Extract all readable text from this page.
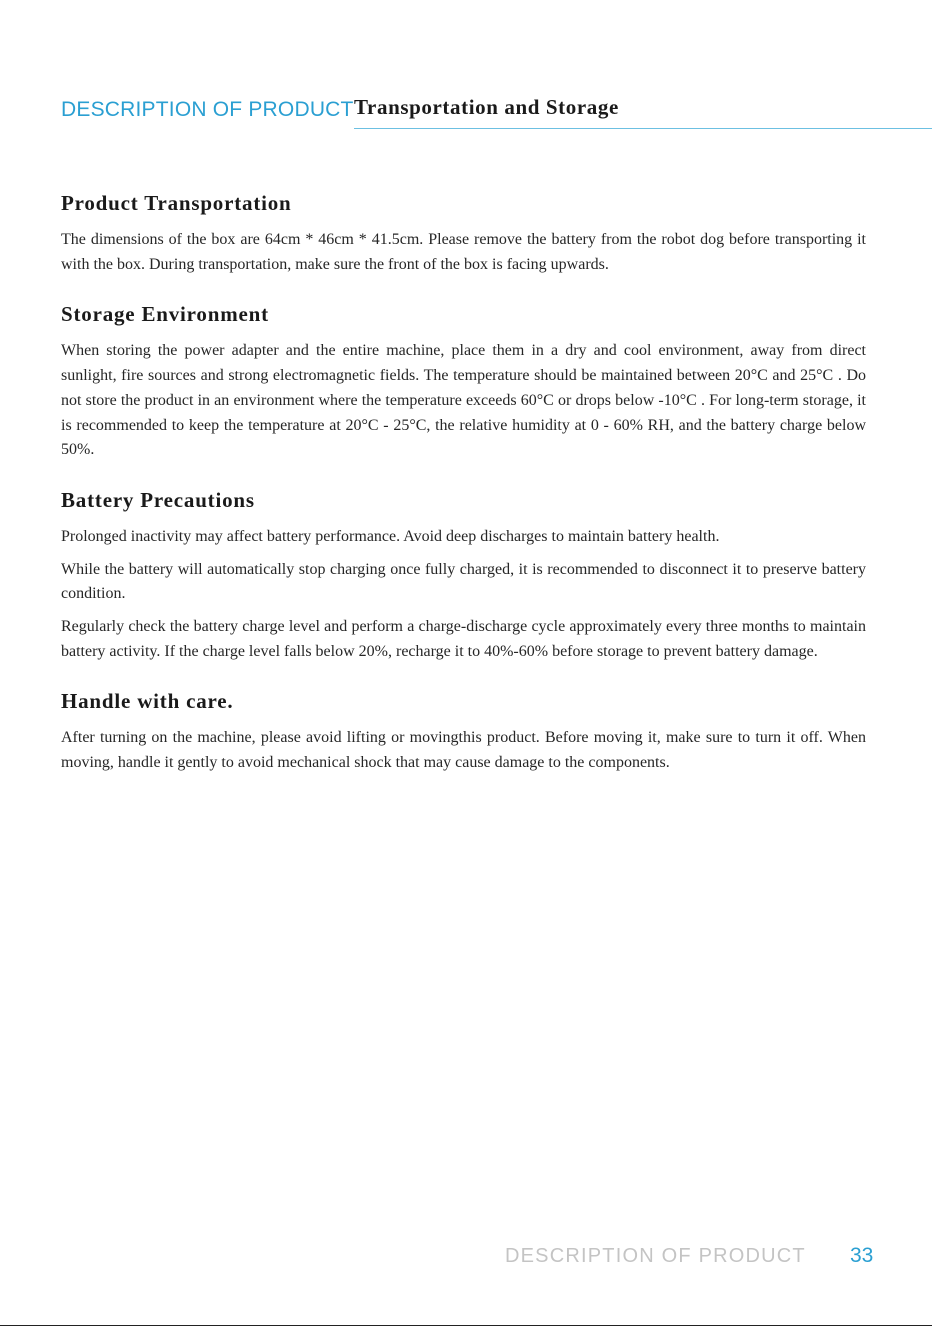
DESCRIPTION OF PRODUCT Transportation and Storage
Product Transportation

The dimensions of the box are 64cm * 46cm * 41.5cm. Please remove the battery from the robot dog before transporting it with the box. During transportation, make sure the front of the box is facing upwards.

Storage Environment

When storing the power adapter and the entire machine, place them in a dry and cool environment, away from direct sunlight, fire sources and strong electromagnetic fields. The temperature should be maintained between 20°C and 25°C . Do not store the product in an environment where the temperature exceeds 60°C or drops below -10°C . For long-term storage, it is recommended to keep the temperature at 20°C - 25°C, the relative humidity at 0 - 60% RH, and the battery charge below 50%.

Battery Precautions

Prolonged inactivity may affect battery performance. Avoid deep discharges to maintain battery health.

While the battery will automatically stop charging once fully charged, it is recommended to disconnect it to preserve battery condition.

Regularly check the battery charge level and perform a charge-discharge cycle approximately every three months to maintain battery activity. If the charge level falls below 20%, recharge it to 40%-60% before storage to prevent battery damage.

Handle with care.

After turning on the machine, please avoid lifting or movingthis product. Before moving it, make sure to turn it off. When moving, handle it gently to avoid mechanical shock that may cause damage to the components.

DESCRIPTION OF PRODUCT 33
